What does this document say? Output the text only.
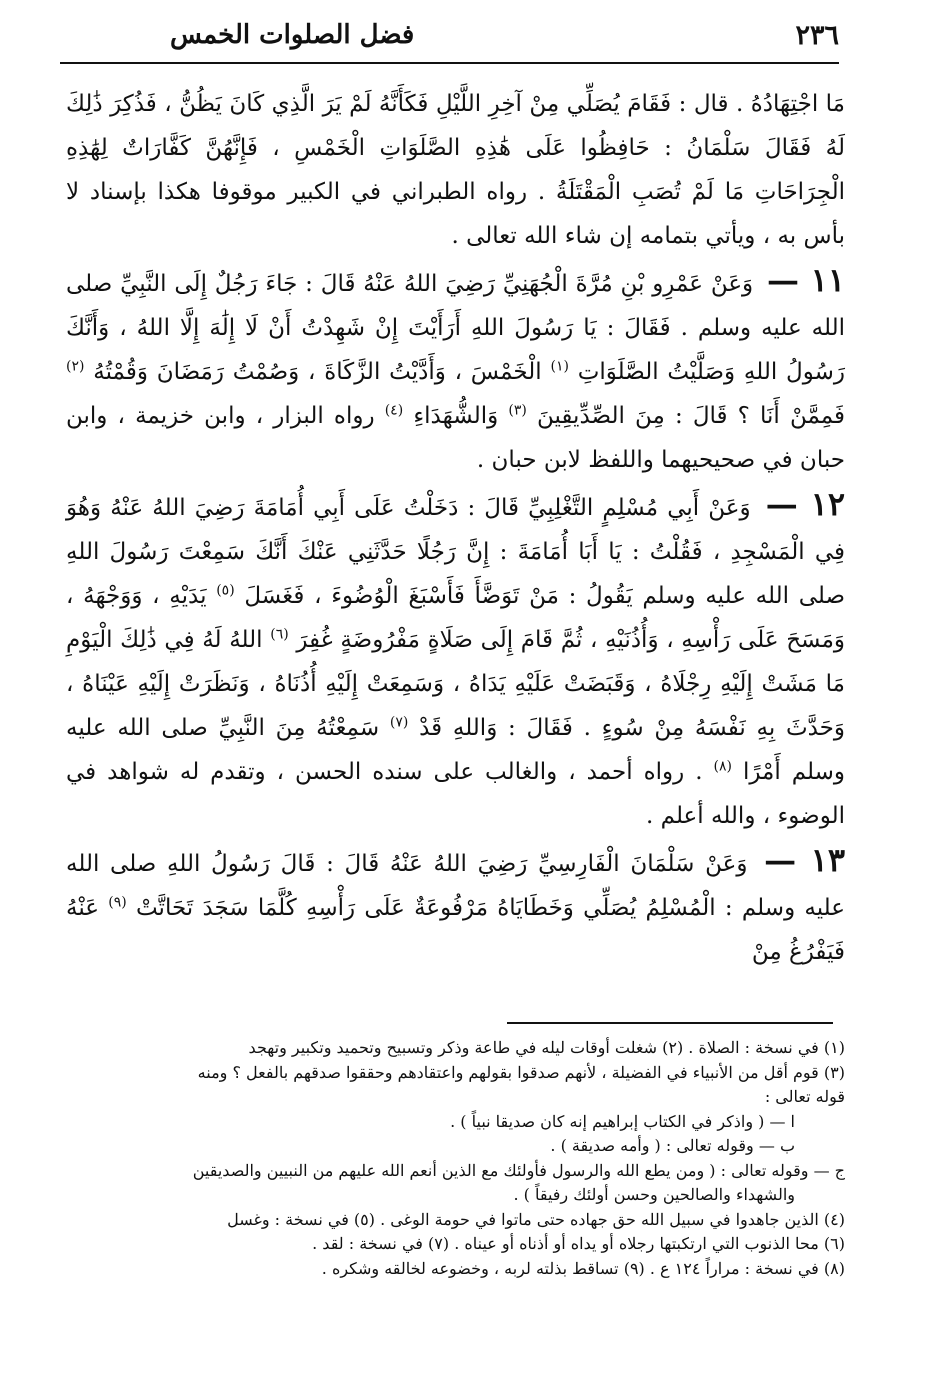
٢٣٦
فضل الصلوات الخمس

مَا اجْتِهَادُهُ . قال : فَقَامَ يُصَلِّي مِنْ آخِرِ اللَّيْلِ فَكَأَنَّهُ لَمْ يَرَ الَّذِي كَانَ يَظُنُّ ، فَذُكِرَ ذَٰلِكَ لَهُ فَقَالَ سَلْمَانُ : حَافِظُوا عَلَى هَٰذِهِ الصَّلَوَاتِ الْخَمْسِ ، فَإِنَّهُنَّ كَفَّارَاتٌ لِهَٰذِهِ الْجِرَاحَاتِ مَا لَمْ تُصَبِ الْمَقْتَلَةُ . رواه الطبراني في الكبير موقوفا هكذا بإسناد لا بأس به ، ويأتي بتمامه إن شاء الله تعالى .

١١ — وَعَنْ عَمْرِو بْنِ مُرَّةَ الْجُهَنِيِّ رَضِيَ اللهُ عَنْهُ قَالَ : جَاءَ رَجُلٌ إِلَى النَّبِيِّ صلى الله عليه وسلم . فَقَالَ : يَا رَسُولَ اللهِ أَرَأَيْتَ إِنْ شَهِدْتُ أَنْ لَا إِلَٰهَ إِلَّا اللهُ ، وَأَنَّكَ رَسُولُ اللهِ وَصَلَّيْتُ الصَّلَوَاتِ $^{(١)}$ الْخَمْسَ ، وَأَدَّيْتُ الزَّكَاةَ ، وَصُمْتُ رَمَضَانَ وَقُمْتُهُ $^{(٢)}$ فَمِمَّنْ أَنَا ؟ قَالَ : مِنَ الصِّدِّيقِينَ $^{(٣)}$ وَالشُّهَدَاءِ $^{(٤)}$ رواه البزار ، وابن خزيمة ، وابن حبان في صحيحيهما واللفظ لابن حبان .

١٢ — وَعَنْ أَبِي مُسْلِمٍ التَّغْلِبِيِّ قَالَ : دَخَلْتُ عَلَى أَبِي أُمَامَةَ رَضِيَ اللهُ عَنْهُ وَهُوَ فِي الْمَسْجِدِ ، فَقُلْتُ : يَا أَبَا أُمَامَةَ : إِنَّ رَجُلًا حَدَّثَنِي عَنْكَ أَنَّكَ سَمِعْتَ رَسُولَ اللهِ صلى الله عليه وسلم يَقُولُ : مَنْ تَوَضَّأَ فَأَسْبَغَ الْوُضُوءَ ، فَغَسَلَ $^{(٥)}$ يَدَيْهِ ، وَوَجْهَهُ ، وَمَسَحَ عَلَى رَأْسِهِ ، وَأُذُنَيْهِ ، ثُمَّ قَامَ إِلَى صَلَاةٍ مَفْرُوضَةٍ غُفِرَ $^{(٦)}$ اللهُ لَهُ فِي ذَٰلِكَ الْيَوْمِ مَا مَشَتْ إِلَيْهِ رِجْلَاهُ ، وَقَبَضَتْ عَلَيْهِ يَدَاهُ ، وَسَمِعَتْ إِلَيْهِ أُذُنَاهُ ، وَنَظَرَتْ إِلَيْهِ عَيْنَاهُ ، وَحَدَّثَ بِهِ نَفْسَهُ مِنْ سُوءٍ . فَقَالَ : وَاللهِ قَدْ $^{(٧)}$ سَمِعْتُهُ مِنَ النَّبِيِّ صلى الله عليه وسلم أَمْرًا $^{(٨)}$ . رواه أحمد ، والغالب على سنده الحسن ، وتقدم له شواهد في الوضوء ، والله أعلم .

١٣ — وَعَنْ سَلْمَانَ الْفَارِسِيِّ رَضِيَ اللهُ عَنْهُ قَالَ : قَالَ رَسُولُ اللهِ صلى الله عليه وسلم : الْمُسْلِمُ يُصَلِّي وَخَطَايَاهُ مَرْفُوعَةٌ عَلَى رَأْسِهِ كُلَّمَا سَجَدَ تَحَاتَّتْ $^{(٩)}$ عَنْهُ فَيَفْرُغُ مِنْ

(١) في نسخة : الصلاة . (٢) شغلت أوقات ليله في طاعة وذكر وتسبيح وتحميد وتكبير وتهجد

(٣) قوم أقل من الأنبياء في الفضيلة ، لأنهم صدقوا بقولهم واعتقادهم وحققوا صدقهم بالفعل ؟ ومنه

قوله تعالى :

ا — ( واذكر في الكتاب إبراهيم إنه كان صديقا نبياً ) .

ب — وقوله تعالى : ( وأمه صديقة ) .

ج — وقوله تعالى : ( ومن يطع الله والرسول فأولئك مع الذين أنعم الله عليهم من النبيين والصديقين

والشهداء والصالحين وحسن أولئك رفيقاً ) .

(٤) الذين جاهدوا في سبيل الله حق جهاده حتى ماتوا في حومة الوغى . (٥) في نسخة : وغسل

(٦) محا الذنوب التي ارتكبتها رجلاه أو يداه أو أذناه أو عيناه . (٧) في نسخة : لقد .

(٨) في نسخة : مراراً ١٢٤ ع . (٩) تساقط بذلته لربه ، وخضوعه لخالقه وشكره .
